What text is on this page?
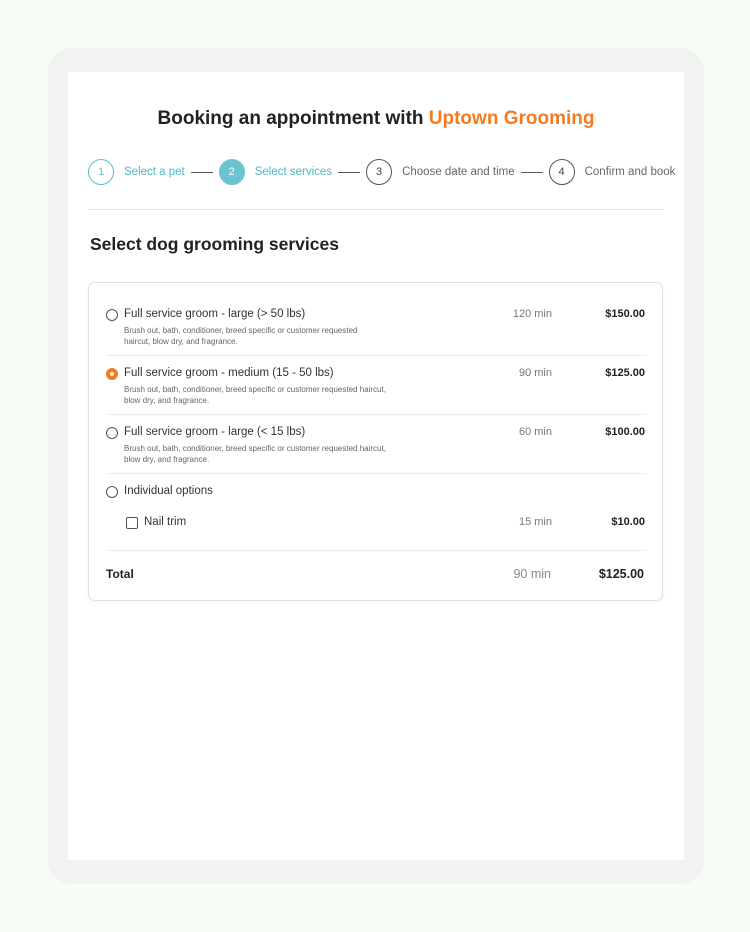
Booking an appointment with Uptown Grooming
1	Select a pet	2	Select services	3	Choose date and time	4	Confirm and book
Select dog grooming services
Full service groom - large (> 50 lbs)
Brush out, bath, conditioner, breed specific or customer requested
haircut, blow dry, and fragrance.
120 min	$150.00
Full service groom - medium (15 - 50 lbs)
Brush out, bath, conditioner, breed specific or customer requested haircut,
blow dry, and fragrance.
90 min	$125.00
Full service groom - large (< 15 lbs)
Brush out, bath, conditioner, breed specific or customer requested haircut,
blow dry, and fragrance.
60 min	$100.00
Individual options
Nail trim	15 min	$10.00
Total	90 min	$125.00
